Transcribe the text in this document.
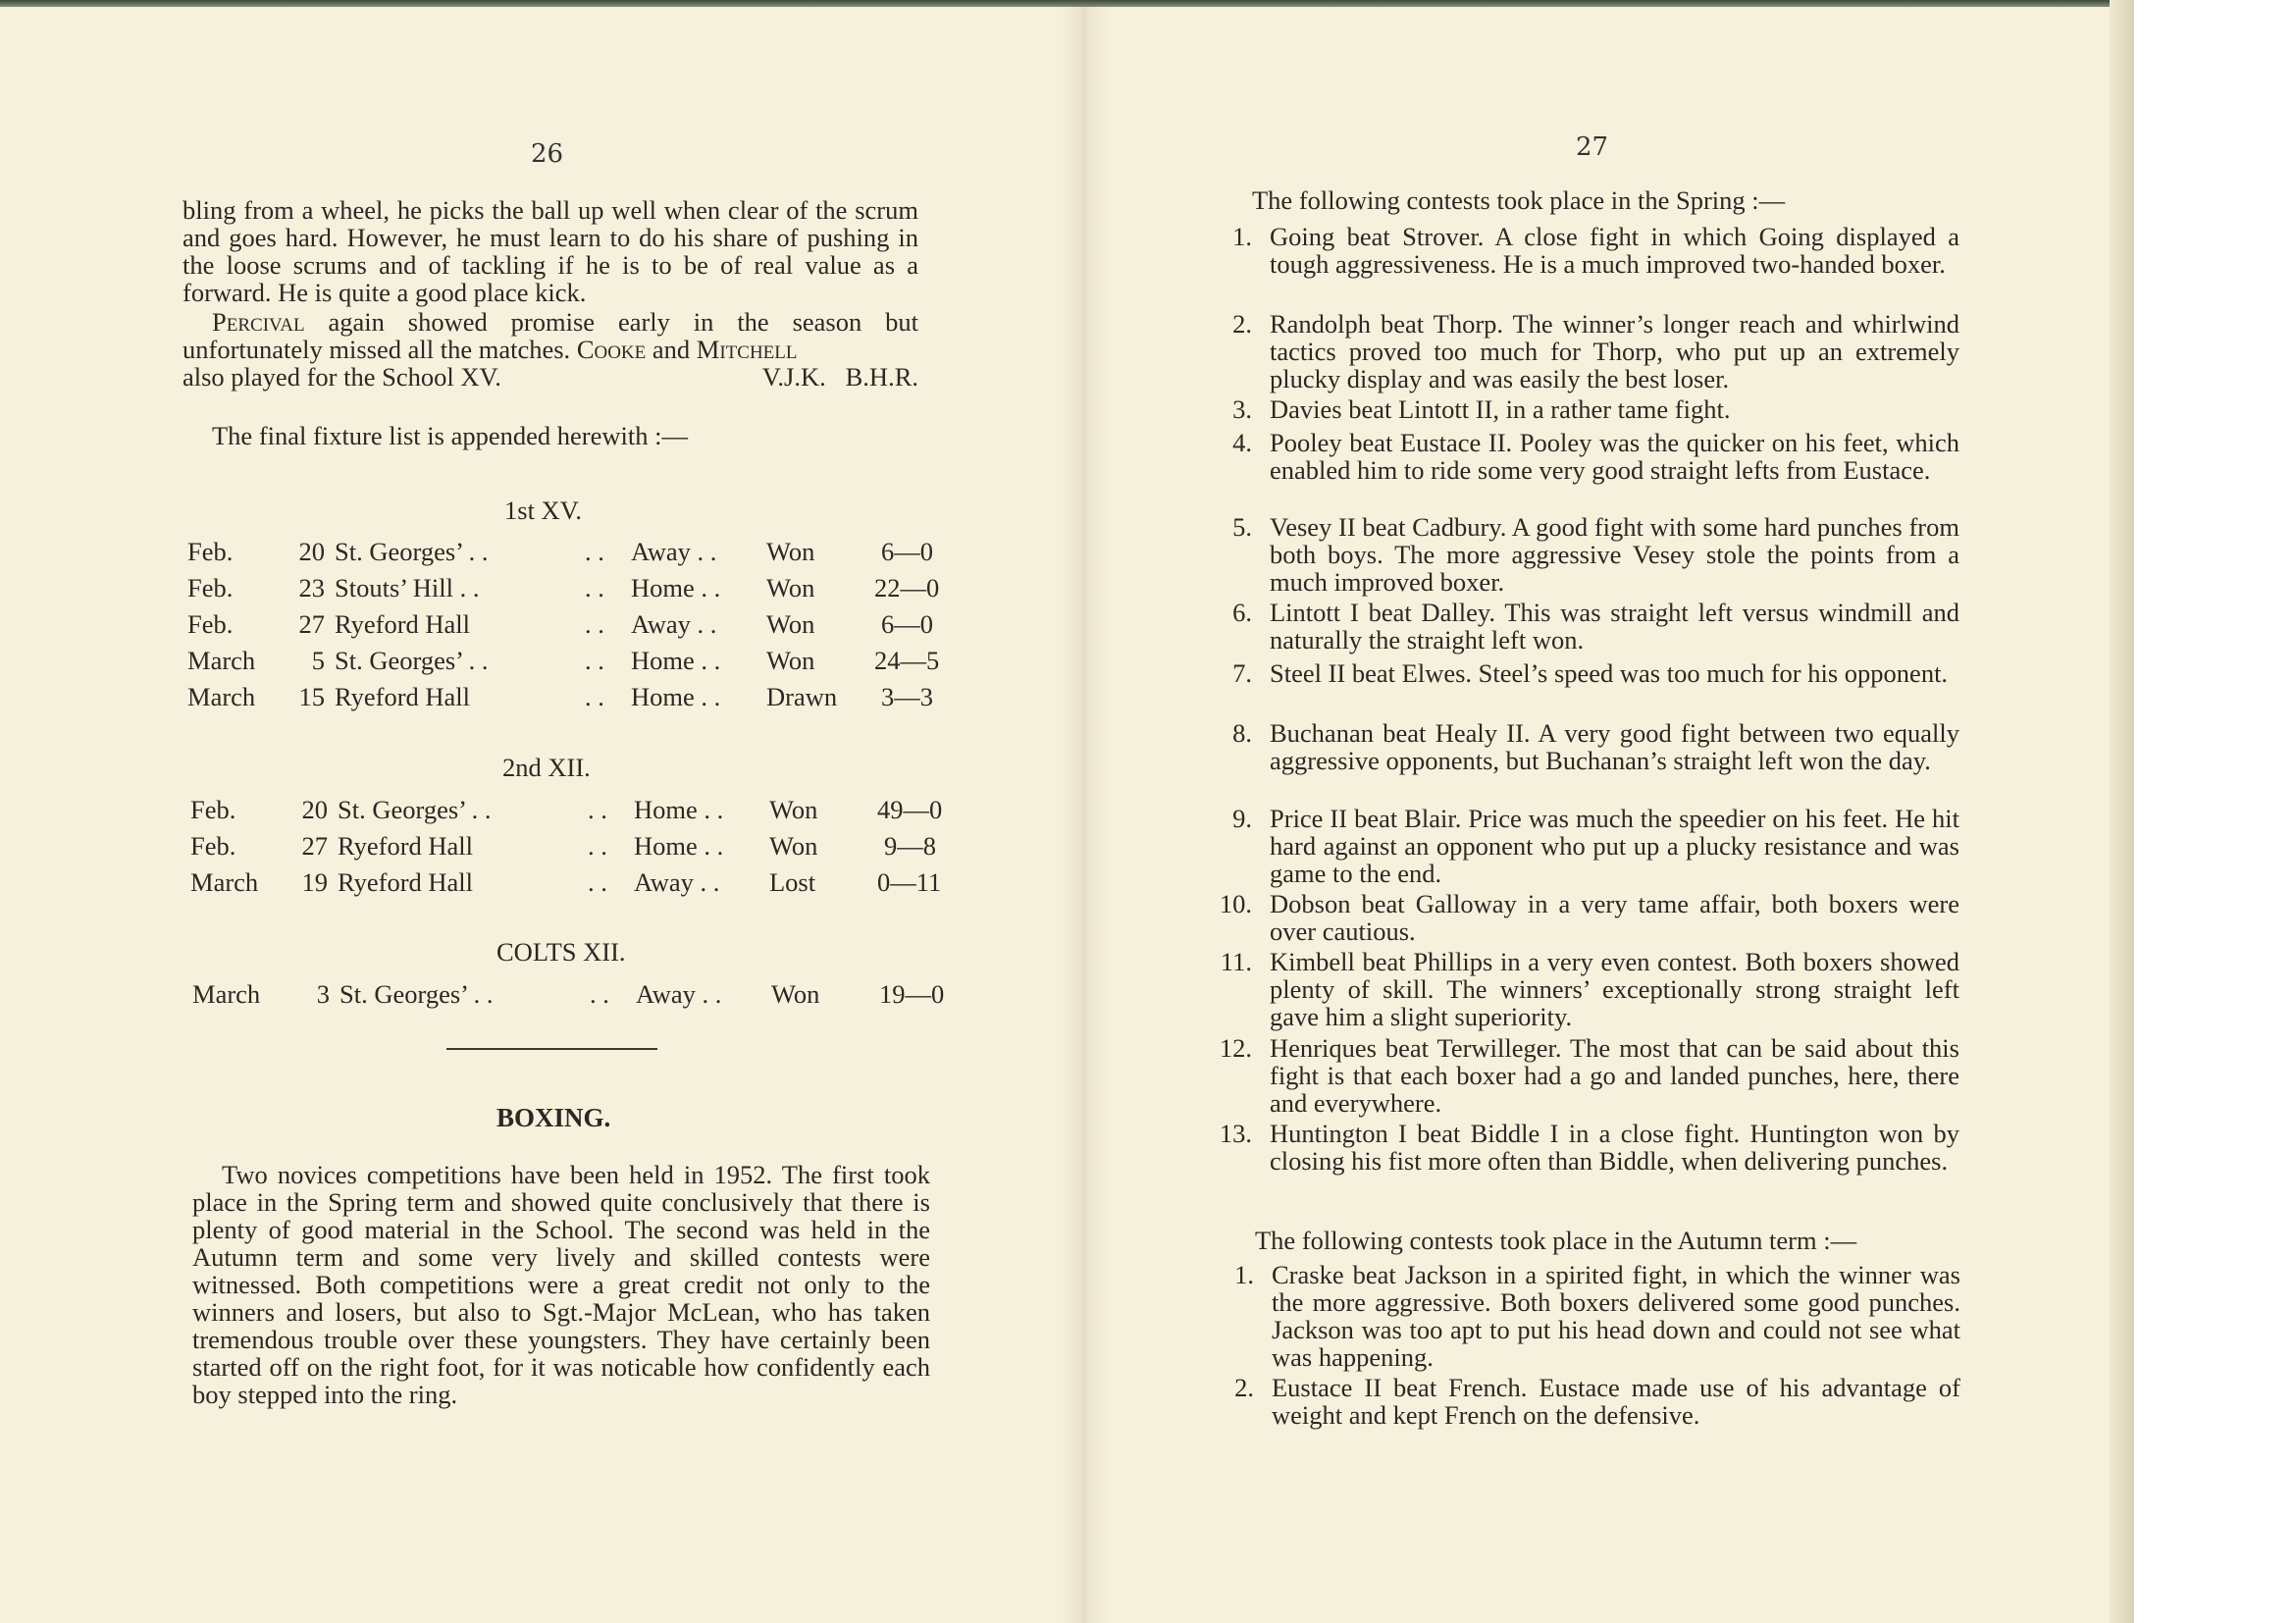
26

bling from a wheel, he picks the ball up well when clear of the scrum and goes hard. However, he must learn to do his share of pushing in the loose scrums and of tackling if he is to be of real value as a forward. He is quite a good place kick.

Percival again showed promise early in the season but unfortunately missed all the matches. Cooke and Mitchell

also played for the School XV.	V.J.K.   B.H.R.

The final fixture list is appended herewith :—
1st XV.
Feb.	20 St. Georges’ . .	. . Away . . Won	6—0
Feb.	23 Stouts’ Hill . .	. . Home . . Won 22—0
Feb.	27 Ryeford Hall	. . Away . . Won	6—0
March	5 St. Georges’ . .	. . Home . . Won 24—5
March 15 Ryeford Hall	. . Home . . Drawn 3—3
2nd XII.
Feb.	20 St. Georges’ . .	. . Home . . Won 49—0
Feb.	27 Ryeford Hall	. . Home . . Won	9—8
March 19 Ryeford Hall	. . Away . . Lost 0—11
COLTS XII.
March	3 St. Georges’ . .	. . Away . . Won 19—0
BOXING.

Two novices competitions have been held in 1952. The first took place in the Spring term and showed quite conclusively that there is plenty of good material in the School. The second was held in the Autumn term and some very lively and skilled contests were witnessed. Both competitions were a great credit not only to the winners and losers, but also to Sgt.-Major McLean, who has taken tremendous trouble over these youngsters. They have certainly been started off on the right foot, for it was noticable how confidently each boy stepped into the ring.

27
The following contests took place in the Spring :—
1. Going beat Strover. A close fight in which Going displayed a tough aggressiveness. He is a much improved two-handed boxer.
2. Randolph beat Thorp. The winner’s longer reach and whirlwind tactics proved too much for Thorp, who put up an extremely plucky display and was easily the best loser.
3. Davies beat Lintott II, in a rather tame fight.
4. Pooley beat Eustace II. Pooley was the quicker on his feet, which enabled him to ride some very good straight lefts from Eustace.
5. Vesey II beat Cadbury. A good fight with some hard punches from both boys. The more aggressive Vesey stole the points from a much improved boxer.
6. Lintott I beat Dalley. This was straight left versus windmill and naturally the straight left won.
7. Steel II beat Elwes. Steel’s speed was too much for his opponent.
8. Buchanan beat Healy II. A very good fight between two equally aggressive opponents, but Buchanan’s straight left won the day.
9. Price II beat Blair. Price was much the speedier on his feet. He hit hard against an opponent who put up a plucky resistance and was game to the end.
10. Dobson beat Galloway in a very tame affair, both boxers were over cautious.
11. Kimbell beat Phillips in a very even contest. Both boxers showed plenty of skill. The winners’ exceptionally strong straight left gave him a slight superiority.
12. Henriques beat Terwilleger. The most that can be said about this fight is that each boxer had a go and landed punches, here, there and everywhere.
13. Huntington I beat Biddle I in a close fight. Huntington won by closing his fist more often than Biddle, when delivering punches.
The following contests took place in the Autumn term :—
1. Craske beat Jackson in a spirited fight, in which the winner was the more aggressive. Both boxers delivered some good punches. Jackson was too apt to put his head down and could not see what was happening.
2. Eustace II beat French. Eustace made use of his advantage of weight and kept French on the defensive.
